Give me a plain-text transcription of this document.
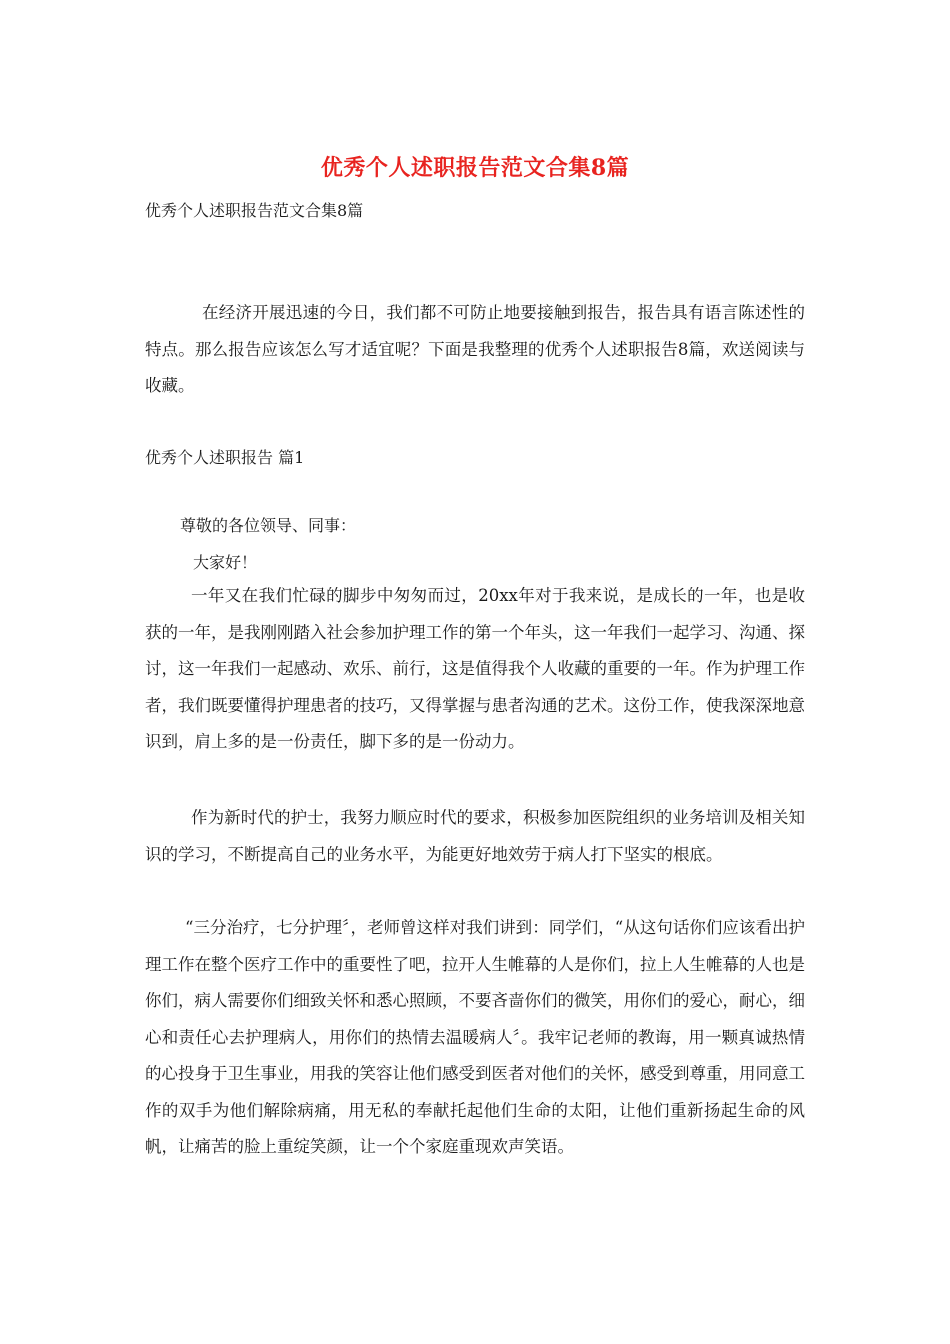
优秀个人述职报告范文合集8篇
优秀个人述职报告范文合集8篇

在经济开展迅速的今日，我们都不可防止地要接触到报告，报告具有语言陈述性的特点。那么报告应该怎么写才适宜呢？下面是我整理的优秀个人述职报告8篇，欢送阅读与收藏。

优秀个人述职报告 篇1
尊敬的各位领导、同事：
大家好！

一年又在我们忙碌的脚步中匆匆而过，20xx年对于我来说，是成长的一年，也是收获的一年，是我刚刚踏入社会参加护理工作的第一个年头，这一年我们一起学习、沟通、探讨，这一年我们一起感动、欢乐、前行，这是值得我个人收藏的重要的一年。作为护理工作者，我们既要懂得护理患者的技巧，又得掌握与患者沟通的艺术。这份工作，使我深深地意识到，肩上多的是一份责任，脚下多的是一份动力。

作为新时代的护士，我努力顺应时代的要求，积极参加医院组织的业务培训及相关知识的学习，不断提高自己的业务水平，为能更好地效劳于病人打下坚实的根底。

“三分治疗，七分护理〞，老师曾这样对我们讲到：同学们，“从这句话你们应该看出护理工作在整个医疗工作中的重要性了吧，拉开人生帷幕的人是你们，拉上人生帷幕的人也是你们，病人需要你们细致关怀和悉心照顾，不要吝啬你们的微笑，用你们的爱心，耐心，细心和责任心去护理病人，用你们的热情去温暖病人〞。我牢记老师的教诲，用一颗真诚热情的心投身于卫生事业，用我的笑容让他们感受到医者对他们的关怀，感受到尊重，用同意工作的双手为他们解除病痛，用无私的奉献托起他们生命的太阳，让他们重新扬起生命的风帆，让痛苦的脸上重绽笑颜，让一个个家庭重现欢声笑语。
